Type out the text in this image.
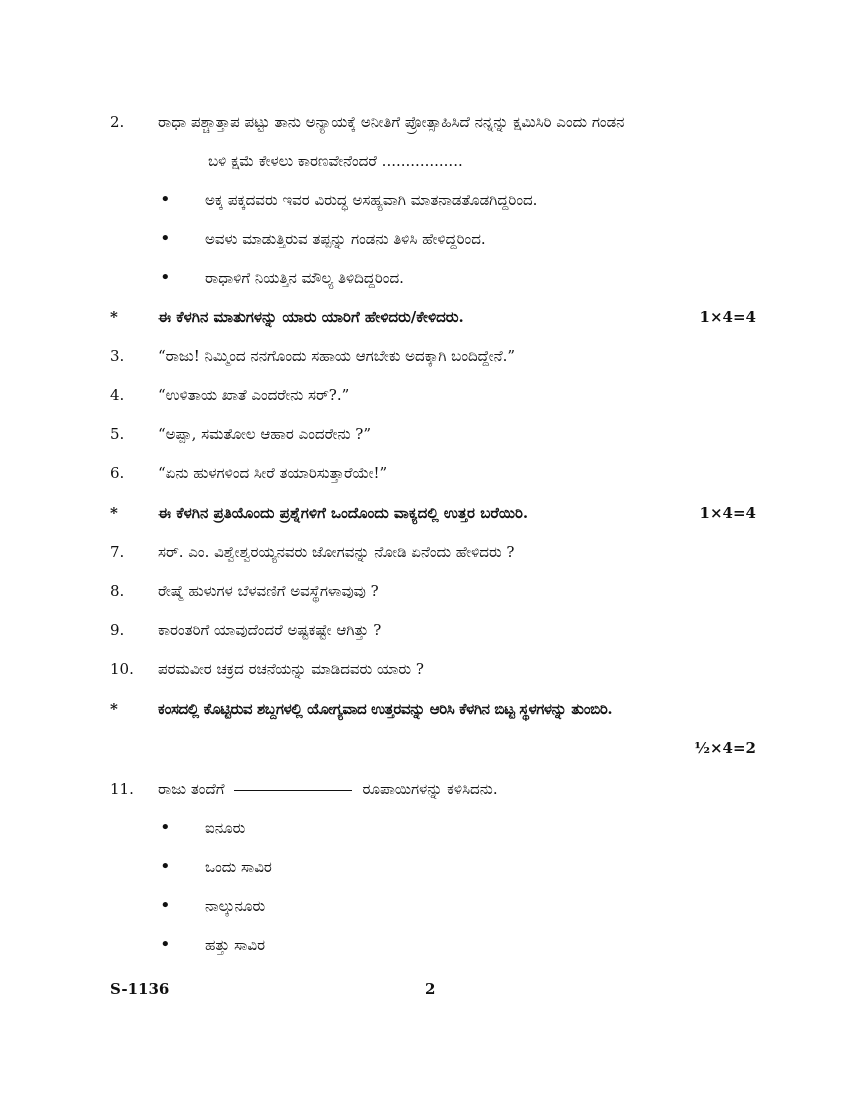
2. ರಾಧಾ ಪಶ್ಚಾತ್ತಾಪ ಪಟ್ಟು ತಾನು ಅನ್ಯಾಯಕ್ಕೆ ಅನೀತಿಗೆ ಪ್ರೋತ್ಸಾಹಿಸಿದೆ ನನ್ನನ್ನು ಕ್ಷಮಿಸಿರಿ ಎಂದು ಗಂಡನ
ಬಳಿ ಕ್ಷಮೆ ಕೇಳಲು ಕಾರಣವೇನೆಂದರೆ .................
• ಅಕ್ಕ ಪಕ್ಕದವರು ಇವರ ವಿರುದ್ಧ ಅಸಹ್ಯವಾಗಿ ಮಾತನಾಡತೊಡಗಿದ್ದರಿಂದ.
• ಅವಳು ಮಾಡುತ್ತಿರುವ ತಪ್ಪನ್ನು ಗಂಡನು ತಿಳಿಸಿ ಹೇಳಿದ್ದರಿಂದ.
• ರಾಧಾಳಿಗೆ ನಿಯತ್ತಿನ ಮೌಲ್ಯ ತಿಳಿದಿದ್ದರಿಂದ.
*	ಈ ಕೆಳಗಿನ ಮಾತುಗಳನ್ನು ಯಾರು ಯಾರಿಗೆ ಹೇಳಿದರು/ಕೇಳಿದರು.	1×4=4
3. “ರಾಜು! ನಿಮ್ಮಿಂದ ನನಗೊಂದು ಸಹಾಯ ಆಗಬೇಕು ಅದಕ್ಕಾಗಿ ಬಂದಿದ್ದೇನೆ.”
4. “ಉಳಿತಾಯ ಖಾತೆ ಎಂದರೇನು ಸರ್?.”
5. “ಅಪ್ಪಾ, ಸಮತೋಲ ಆಹಾರ ಎಂದರೇನು ?”
6. “ಏನು ಹುಳಗಳಿಂದ ಸೀರೆ ತಯಾರಿಸುತ್ತಾರೆಯೇ!”
*	ಈ ಕೆಳಗಿನ ಪ್ರತಿಯೊಂದು ಪ್ರಶ್ನೆಗಳಿಗೆ ಒಂದೊಂದು ವಾಕ್ಯದಲ್ಲಿ ಉತ್ತರ ಬರೆಯಿರಿ.	1×4=4
7. ಸರ್. ಎಂ. ವಿಶ್ವೇಶ್ವರಯ್ಯನವರು ಜೋಗವನ್ನು ನೋಡಿ ಏನೆಂದು ಹೇಳಿದರು ?
8. ರೇಷ್ಮೆ ಹುಳುಗಳ ಬೆಳವಣಿಗೆ ಅವಸ್ಥೆಗಳಾವುವು ?
9. ಕಾರಂತರಿಗೆ ಯಾವುದೆಂದರೆ ಅಷ್ಟಕಷ್ಟೇ ಆಗಿತ್ತು ?
10. ಪರಮವೀರ ಚಕ್ರದ ರಚನೆಯನ್ನು ಮಾಡಿದವರು ಯಾರು ?
*	ಕಂಸದಲ್ಲಿ ಕೊಟ್ಟಿರುವ ಶಬ್ದಗಳಲ್ಲಿ ಯೋಗ್ಯವಾದ ಉತ್ತರವನ್ನು ಆರಿಸಿ ಕೆಳಗಿನ ಬಿಟ್ಟ ಸ್ಥಳಗಳನ್ನು ತುಂಬಿರಿ.
½×4=2
11. ರಾಜು ತಂದೆಗೆ	ರೂಪಾಯಿಗಳನ್ನು ಕಳಿಸಿದನು.
• ಐನೂರು
• ಒಂದು ಸಾವಿರ
• ನಾಲ್ಕುನೂರು
• ಹತ್ತು ಸಾವಿರ
S-1136	2
